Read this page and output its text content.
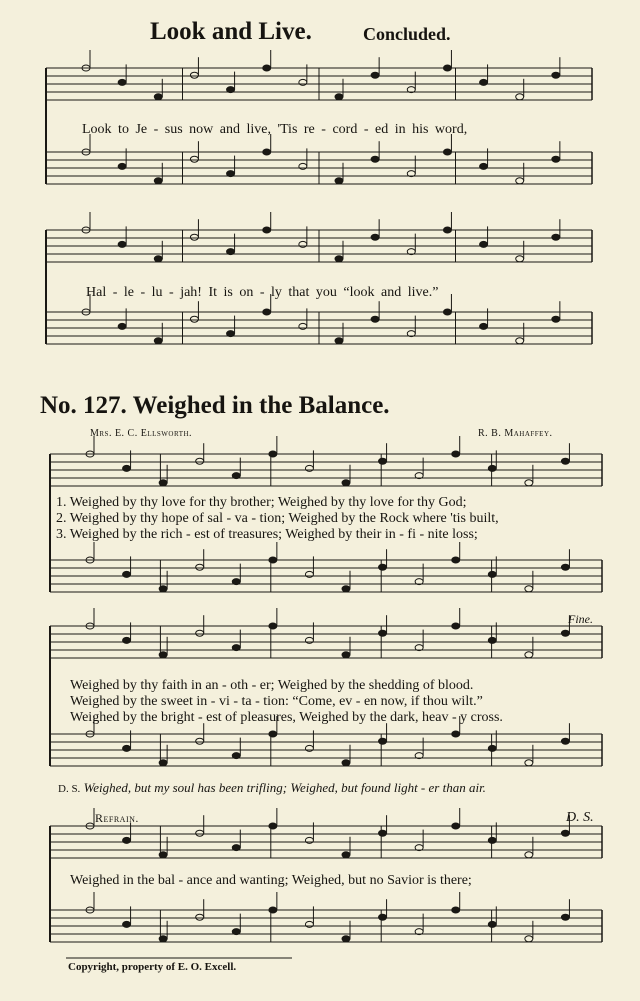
Look and Live.	Concluded.
Look to Je - sus now and live, 'Tis re - cord - ed in his word,
Hal - le - lu - jah! It is on - ly that you “look and live.”
No. 127. Weighed in the Balance.
Mrs. E. C. Ellsworth.	R. B. Mahaffey.
1. Weighed by thy love for thy brother; Weighed by thy love for thy God;
2. Weighed by thy hope of sal - va - tion; Weighed by the Rock where 'tis built,
3. Weighed by the rich - est of treasures; Weighed by their in - fi - nite loss;
Fine.
Weighed by thy faith in an - oth - er; Weighed by the shedding of blood.
Weighed by the sweet in - vi - ta - tion: “Come, ev - en now, if thou wilt.”
Weighed by the bright - est of pleasures, Weighed by the dark, heav - y cross.
D. S. Weighed, but my soul has been trifling; Weighed, but found light - er than air.
Refrain.	D. S.
Weighed in the bal - ance and wanting; Weighed, but no Savior is there;
Copyright, property of E. O. Excell.
